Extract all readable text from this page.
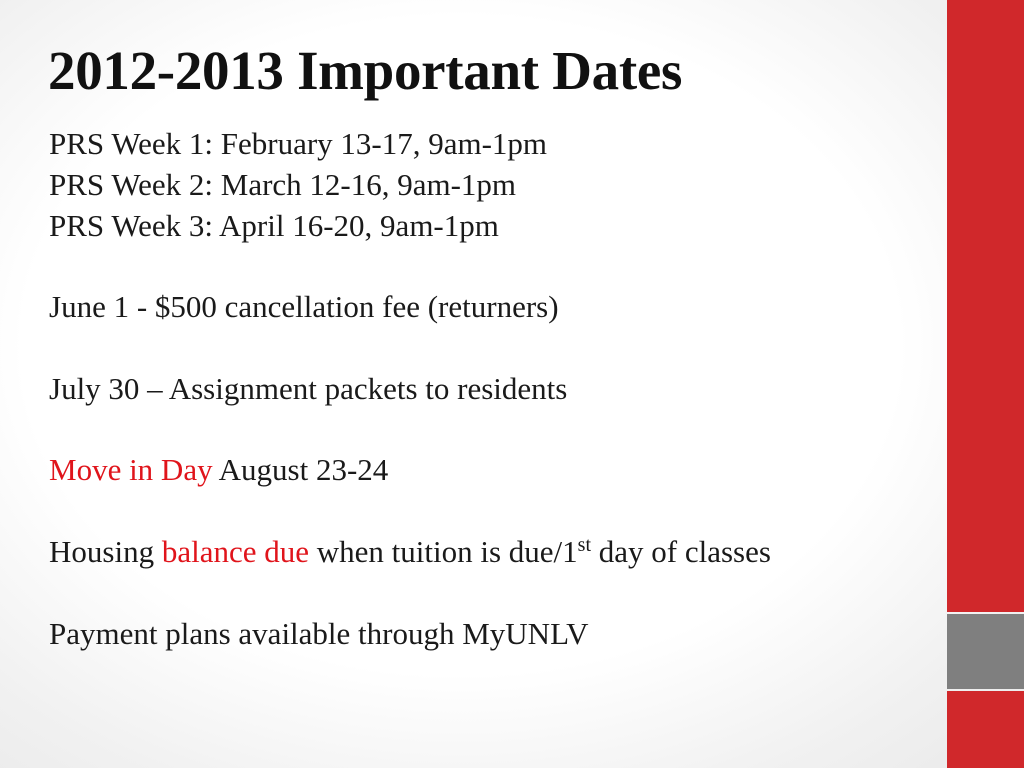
2012-2013 Important Dates
PRS Week 1: February 13-17, 9am-1pm
PRS Week 2: March 12-16, 9am-1pm
PRS Week 3: April 16-20, 9am-1pm
June 1 - $500 cancellation fee (returners)
July 30 – Assignment packets to residents
Move in Day August 23-24
Housing balance due when tuition is due/1st day of classes
Payment plans available through MyUNLV
